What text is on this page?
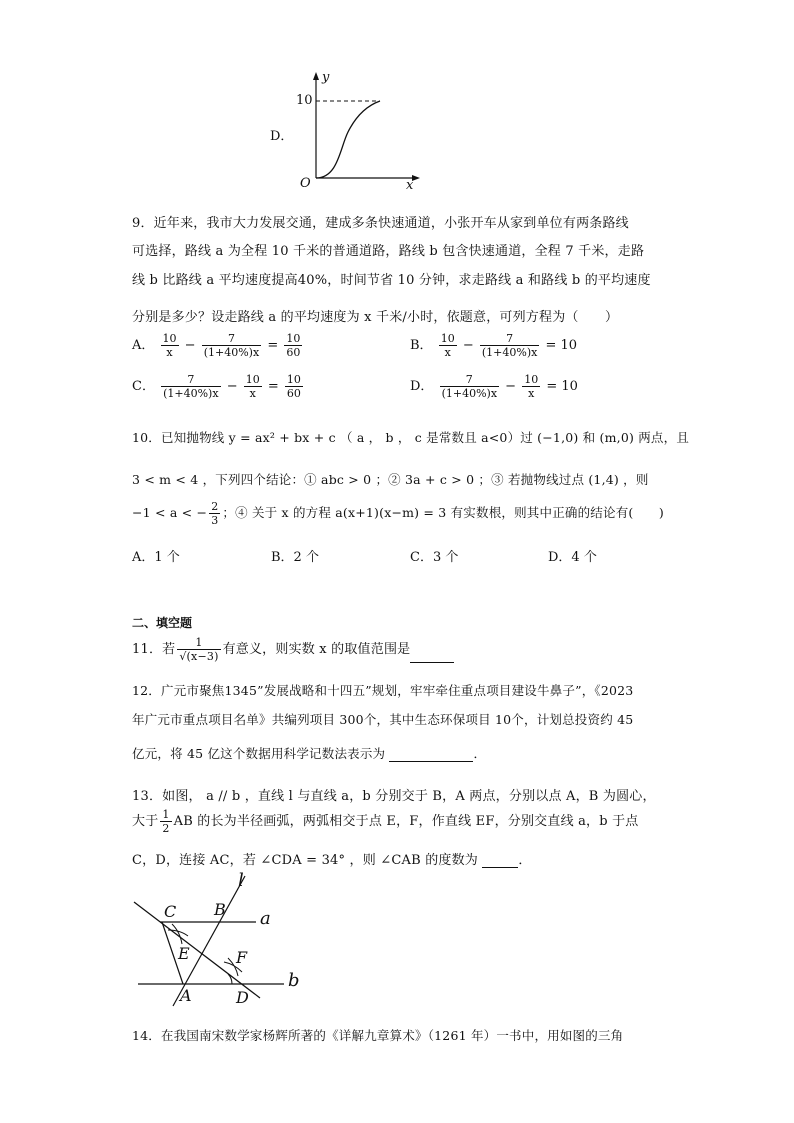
D．
y
10
O	x
9．近年来，我市大力发展交通，建成多条快速通道，小张开车从家到单位有两条路线
可选择，路线 a 为全程 10 千米的普通道路，路线 b 包含快速通道，全程 7 千米，走路
线 b 比路线 a 平均速度提高40%，时间节省 10 分钟，求走路线 a 和路线 b 的平均速度
分别是多少？设走路线 a 的平均速度为 x 千米/小时，依题意，可列方程为（　　）
A． $\frac{10}{x} - \frac{7}{(1+40\%)x} = \frac{10}{60}$	B． $\frac{10}{x} - \frac{7}{(1+40\%)x} = 10$
C． $\frac{7}{(1+40\%)x} - \frac{10}{x} = \frac{10}{60}$	D． $\frac{7}{(1+40\%)x} - \frac{10}{x} = 10$
10．已知抛物线 y = ax² + bx + c （ a ， b ， c 是常数且 a<0）过 (−1,0) 和 (m,0) 两点，且
3 < m < 4 ，下列四个结论：① abc > 0 ；② 3a + c > 0 ；③ 若抛物线过点 (1,4) ，则
−1 < a < − $\frac{2}{3}$ ；④ 关于 x 的方程 a(x+1)(x−m) = 3 有实数根，则其中正确的结论有(　　)
A．1 个	B．2 个	C．3 个	D．4 个
二、填空题
11．若 $\frac{1}{√(x-3)}$ 有意义，则实数 x 的取值范围是
12．广元市聚焦1345”发展战略和十四五”规划，牢牢牵住重点项目建设牛鼻子”，《2023
年广元市重点项目名单》共编列项目 300个，其中生态环保项目 10个，计划总投资约 45
亿元，将 45 亿这个数据用科学记数法表示为	．
13．如图， a // b ，直线 l 与直线 a，b 分别交于 B，A 两点，分别以点 A，B 为圆心，
大于 $\frac{1}{2}$ AB 的长为半径画弧，两弧相交于点 E，F，作直线 EF，分别交直线 a，b 于点
C，D，连接 AC，若 ∠CDA = 34° ，则 ∠CAB 的度数为	．
l
C B a
E	F
b
A	D
14．在我国南宋数学家杨辉所著的《详解九章算术》（1261 年）一书中，用如图的三角
